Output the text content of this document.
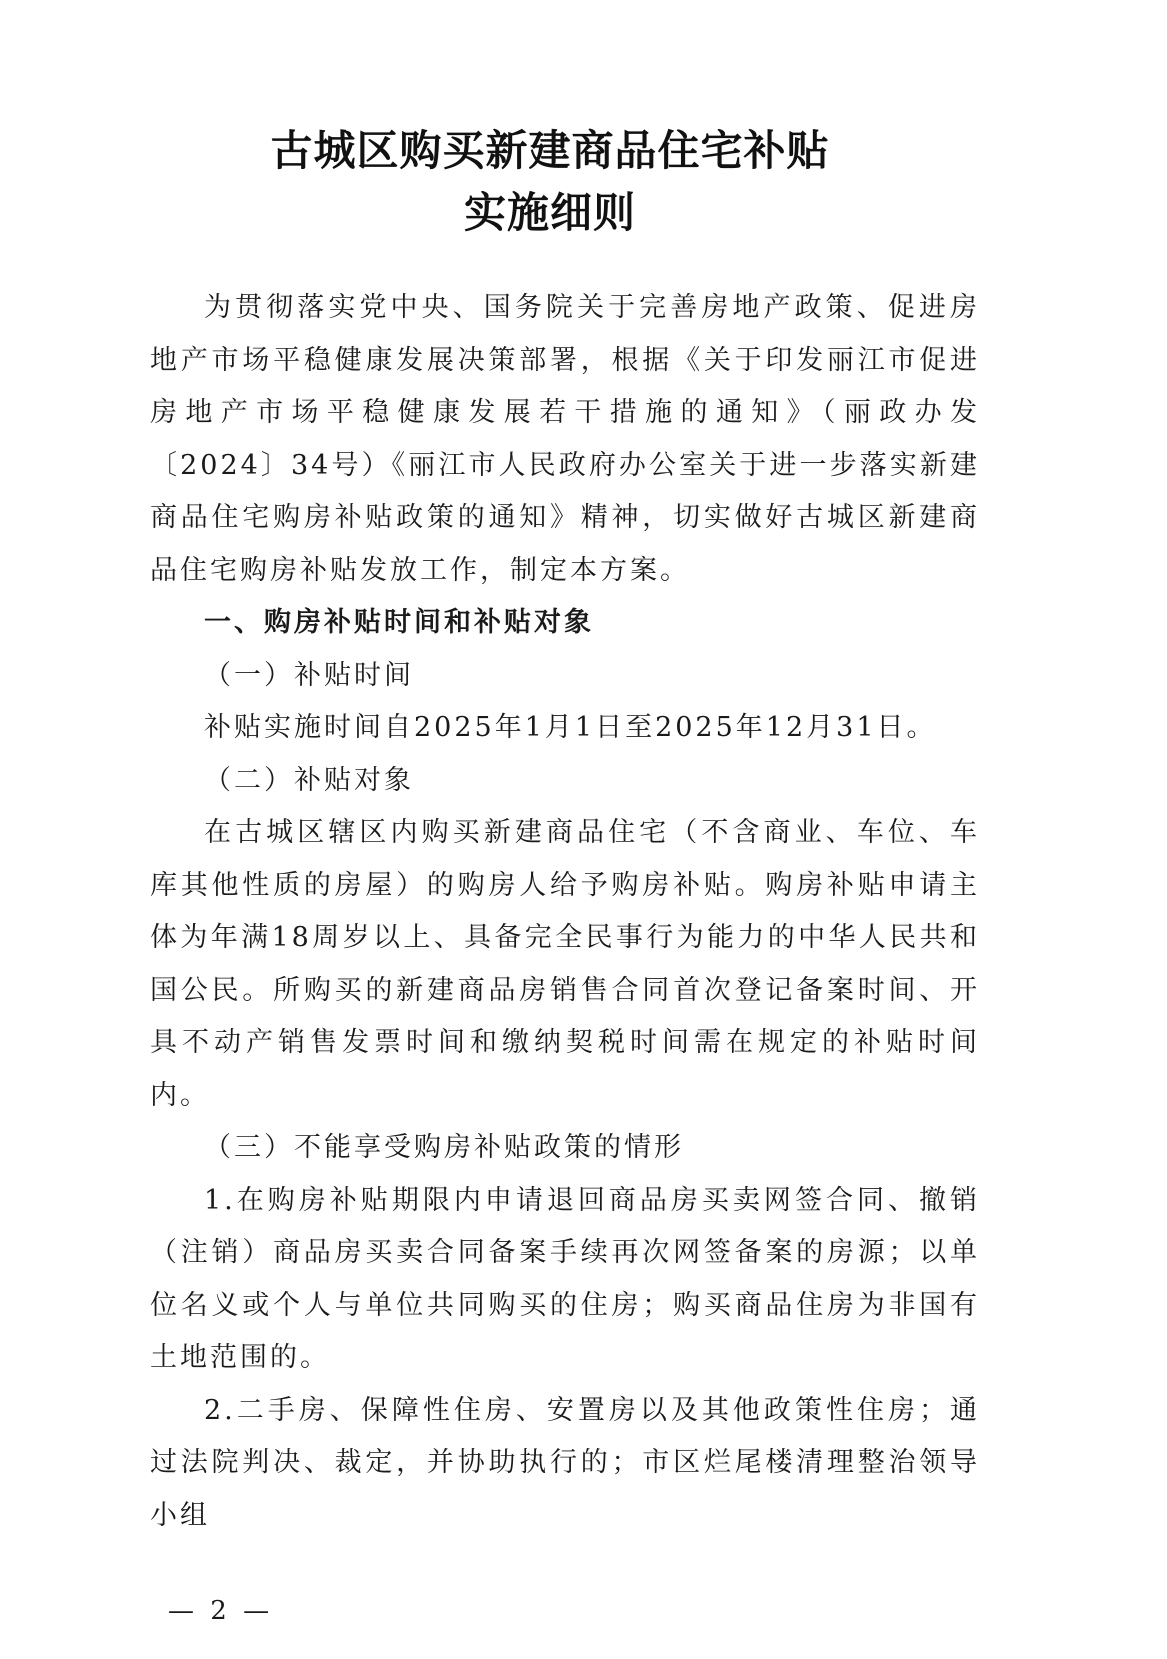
古城区购买新建商品住宅补贴
实施细则

为贯彻落实党中央、国务院关于完善房地产政策、促进房地产市场平稳健康发展决策部署，根据《关于印发丽江市促进房地产市场平稳健康发展若干措施的通知》（丽政办发〔2024〕34号）《丽江市人民政府办公室关于进一步落实新建商品住宅购房补贴政策的通知》精神，切实做好古城区新建商品住宅购房补贴发放工作，制定本方案。

一、购房补贴时间和补贴对象

（一）补贴时间

补贴实施时间自2025年1月1日至2025年12月31日。

（二）补贴对象

在古城区辖区内购买新建商品住宅（不含商业、车位、车库其他性质的房屋）的购房人给予购房补贴。购房补贴申请主体为年满18周岁以上、具备完全民事行为能力的中华人民共和国公民。所购买的新建商品房销售合同首次登记备案时间、开具不动产销售发票时间和缴纳契税时间需在规定的补贴时间内。

（三）不能享受购房补贴政策的情形

1.在购房补贴期限内申请退回商品房买卖网签合同、撤销（注销）商品房买卖合同备案手续再次网签备案的房源；以单位名义或个人与单位共同购买的住房；购买商品住房为非国有土地范围的。

2.二手房、保障性住房、安置房以及其他政策性住房；通过法院判决、裁定，并协助执行的；市区烂尾楼清理整治领导小组

— 2 —
